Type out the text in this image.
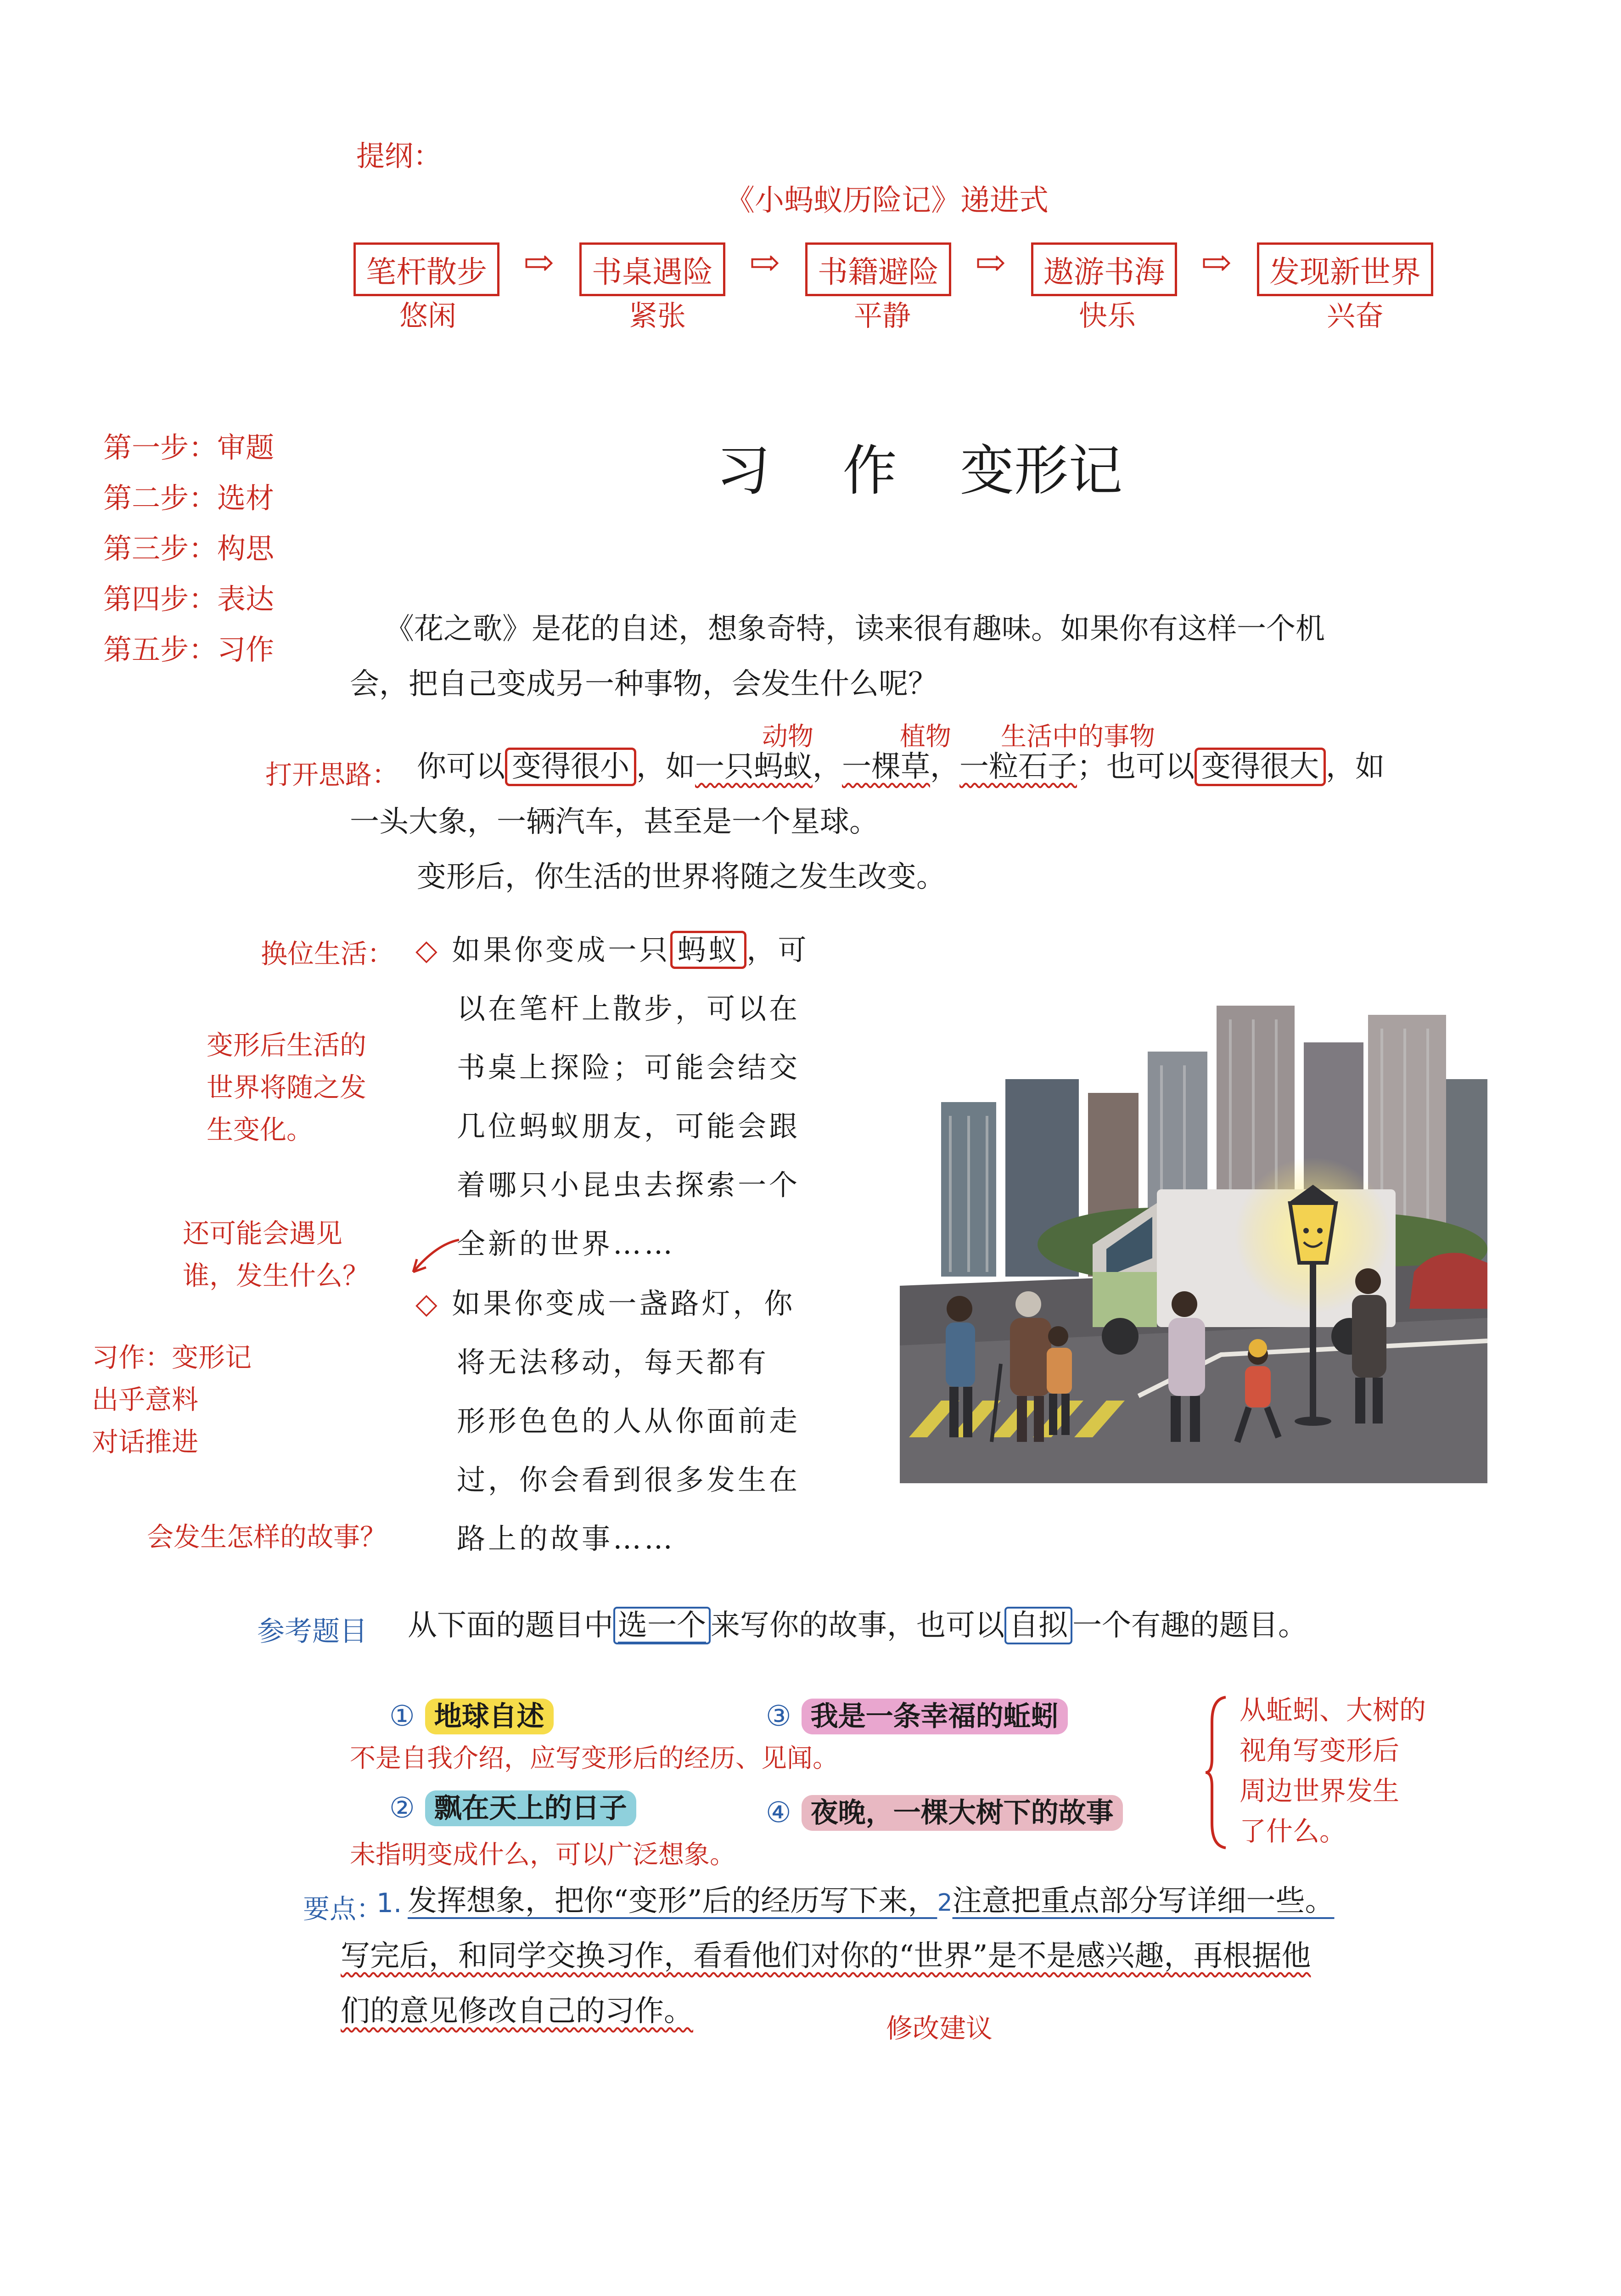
提纲：
《小蚂蚁历险记》递进式
笔杆散步 ⇨	书桌遇险 ⇨	书籍避险 ⇨	遨游书海 ⇨	发现新世界
悠闲	紧张	平静	快乐	兴奋
第一步：审题
第二步：选材
第三步：构思
第四步：表达
第五步：习作
习 作 变形记
《花之歌》是花的自述，想象奇特，读来很有趣味。如果你有这样一个机
会，把自己变成另一种事物，会发生什么呢？
动物	植物 生活中的事物
打开思路： 你可以 变得很小 ，如一只蚂蚁，一棵草，一粒石子；也可以 变得很大 ，如
一头大象，一辆汽车，甚至是一个星球。
变形后，你生活的世界将随之发生改变。
换位生活：
变形后生活的
世界将随之发
生变化。
还可能会遇见
谁，发生什么？
习作：变形记
出乎意料
对话推进
会发生怎样的故事？
◇ 如果你变成一只 蚂蚁 ，可
以在笔杆上散步，可以在
书桌上探险；可能会结交
几位蚂蚁朋友，可能会跟
着哪只小昆虫去探索一个
全新的世界……
◇ 如果你变成一盏路灯，你
将无法移动，每天都有
形形色色的人从你面前走
过，你会看到很多发生在
路上的故事……
参考题目 从下面的题目中 选一个 来写你的故事，也可以 自拟 一个有趣的题目。
① 地球自述	③ 我是一条幸福的蚯蚓
不是自我介绍，应写变形后的经历、见闻。
② 飘在天上的日子	④ 夜晚，一棵大树下的故事
未指明变成什么，可以广泛想象。
从蚯蚓、大树的
视角写变形后
周边世界发生
了什么。
要点：
1. 发挥想象，把你“变形”后的经历写下来，2注意把重点部分写详细一些。
写完后，和同学交换习作，看看他们对你的“世界”是不是感兴趣，再根据他
们的意见修改自己的习作。	修改建议
